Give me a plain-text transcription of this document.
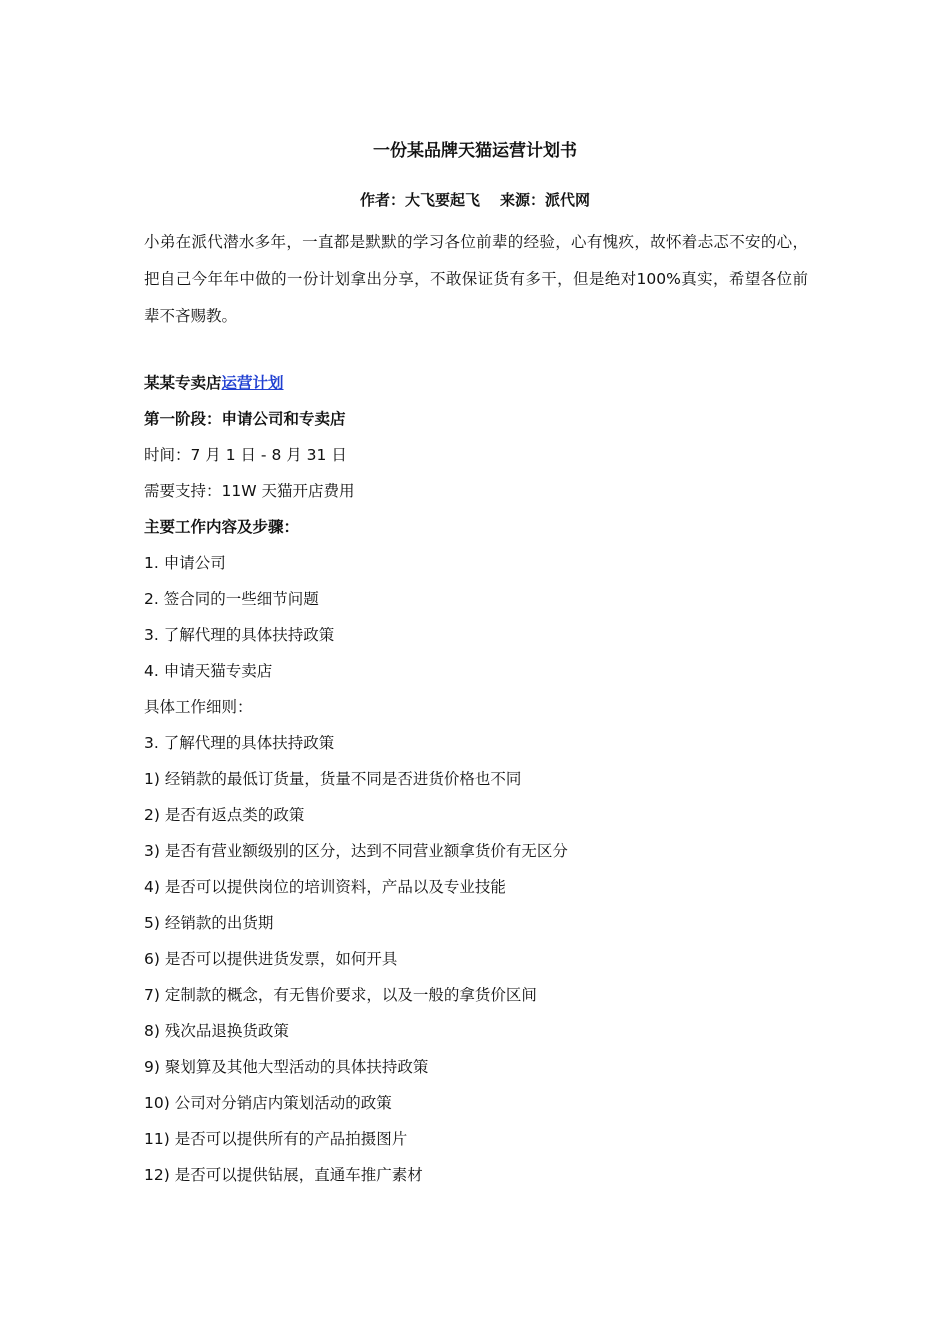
一份某品牌天猫运营计划书
作者：大飞要起飞 来源：派代网
小弟在派代潜水多年，一直都是默默的学习各位前辈的经验，心有愧疚，故怀着忐忑不安的心，把自己今年年中做的一份计划拿出分享，不敢保证货有多干，但是绝对100%真实，希望各位前辈不吝赐教。
某某专卖店运营计划
第一阶段：申请公司和专卖店
时间：7 月 1 日 - 8 月 31 日
需要支持：11W 天猫开店费用
主要工作内容及步骤：
1. 申请公司
2. 签合同的一些细节问题
3. 了解代理的具体扶持政策
4. 申请天猫专卖店
具体工作细则：
3. 了解代理的具体扶持政策
1) 经销款的最低订货量，货量不同是否进货价格也不同
2) 是否有返点类的政策
3) 是否有营业额级别的区分，达到不同营业额拿货价有无区分
4) 是否可以提供岗位的培训资料，产品以及专业技能
5) 经销款的出货期
6) 是否可以提供进货发票，如何开具
7) 定制款的概念，有无售价要求，以及一般的拿货价区间
8) 残次品退换货政策
9) 聚划算及其他大型活动的具体扶持政策
10) 公司对分销店内策划活动的政策
11) 是否可以提供所有的产品拍摄图片
12) 是否可以提供钻展，直通车推广素材
